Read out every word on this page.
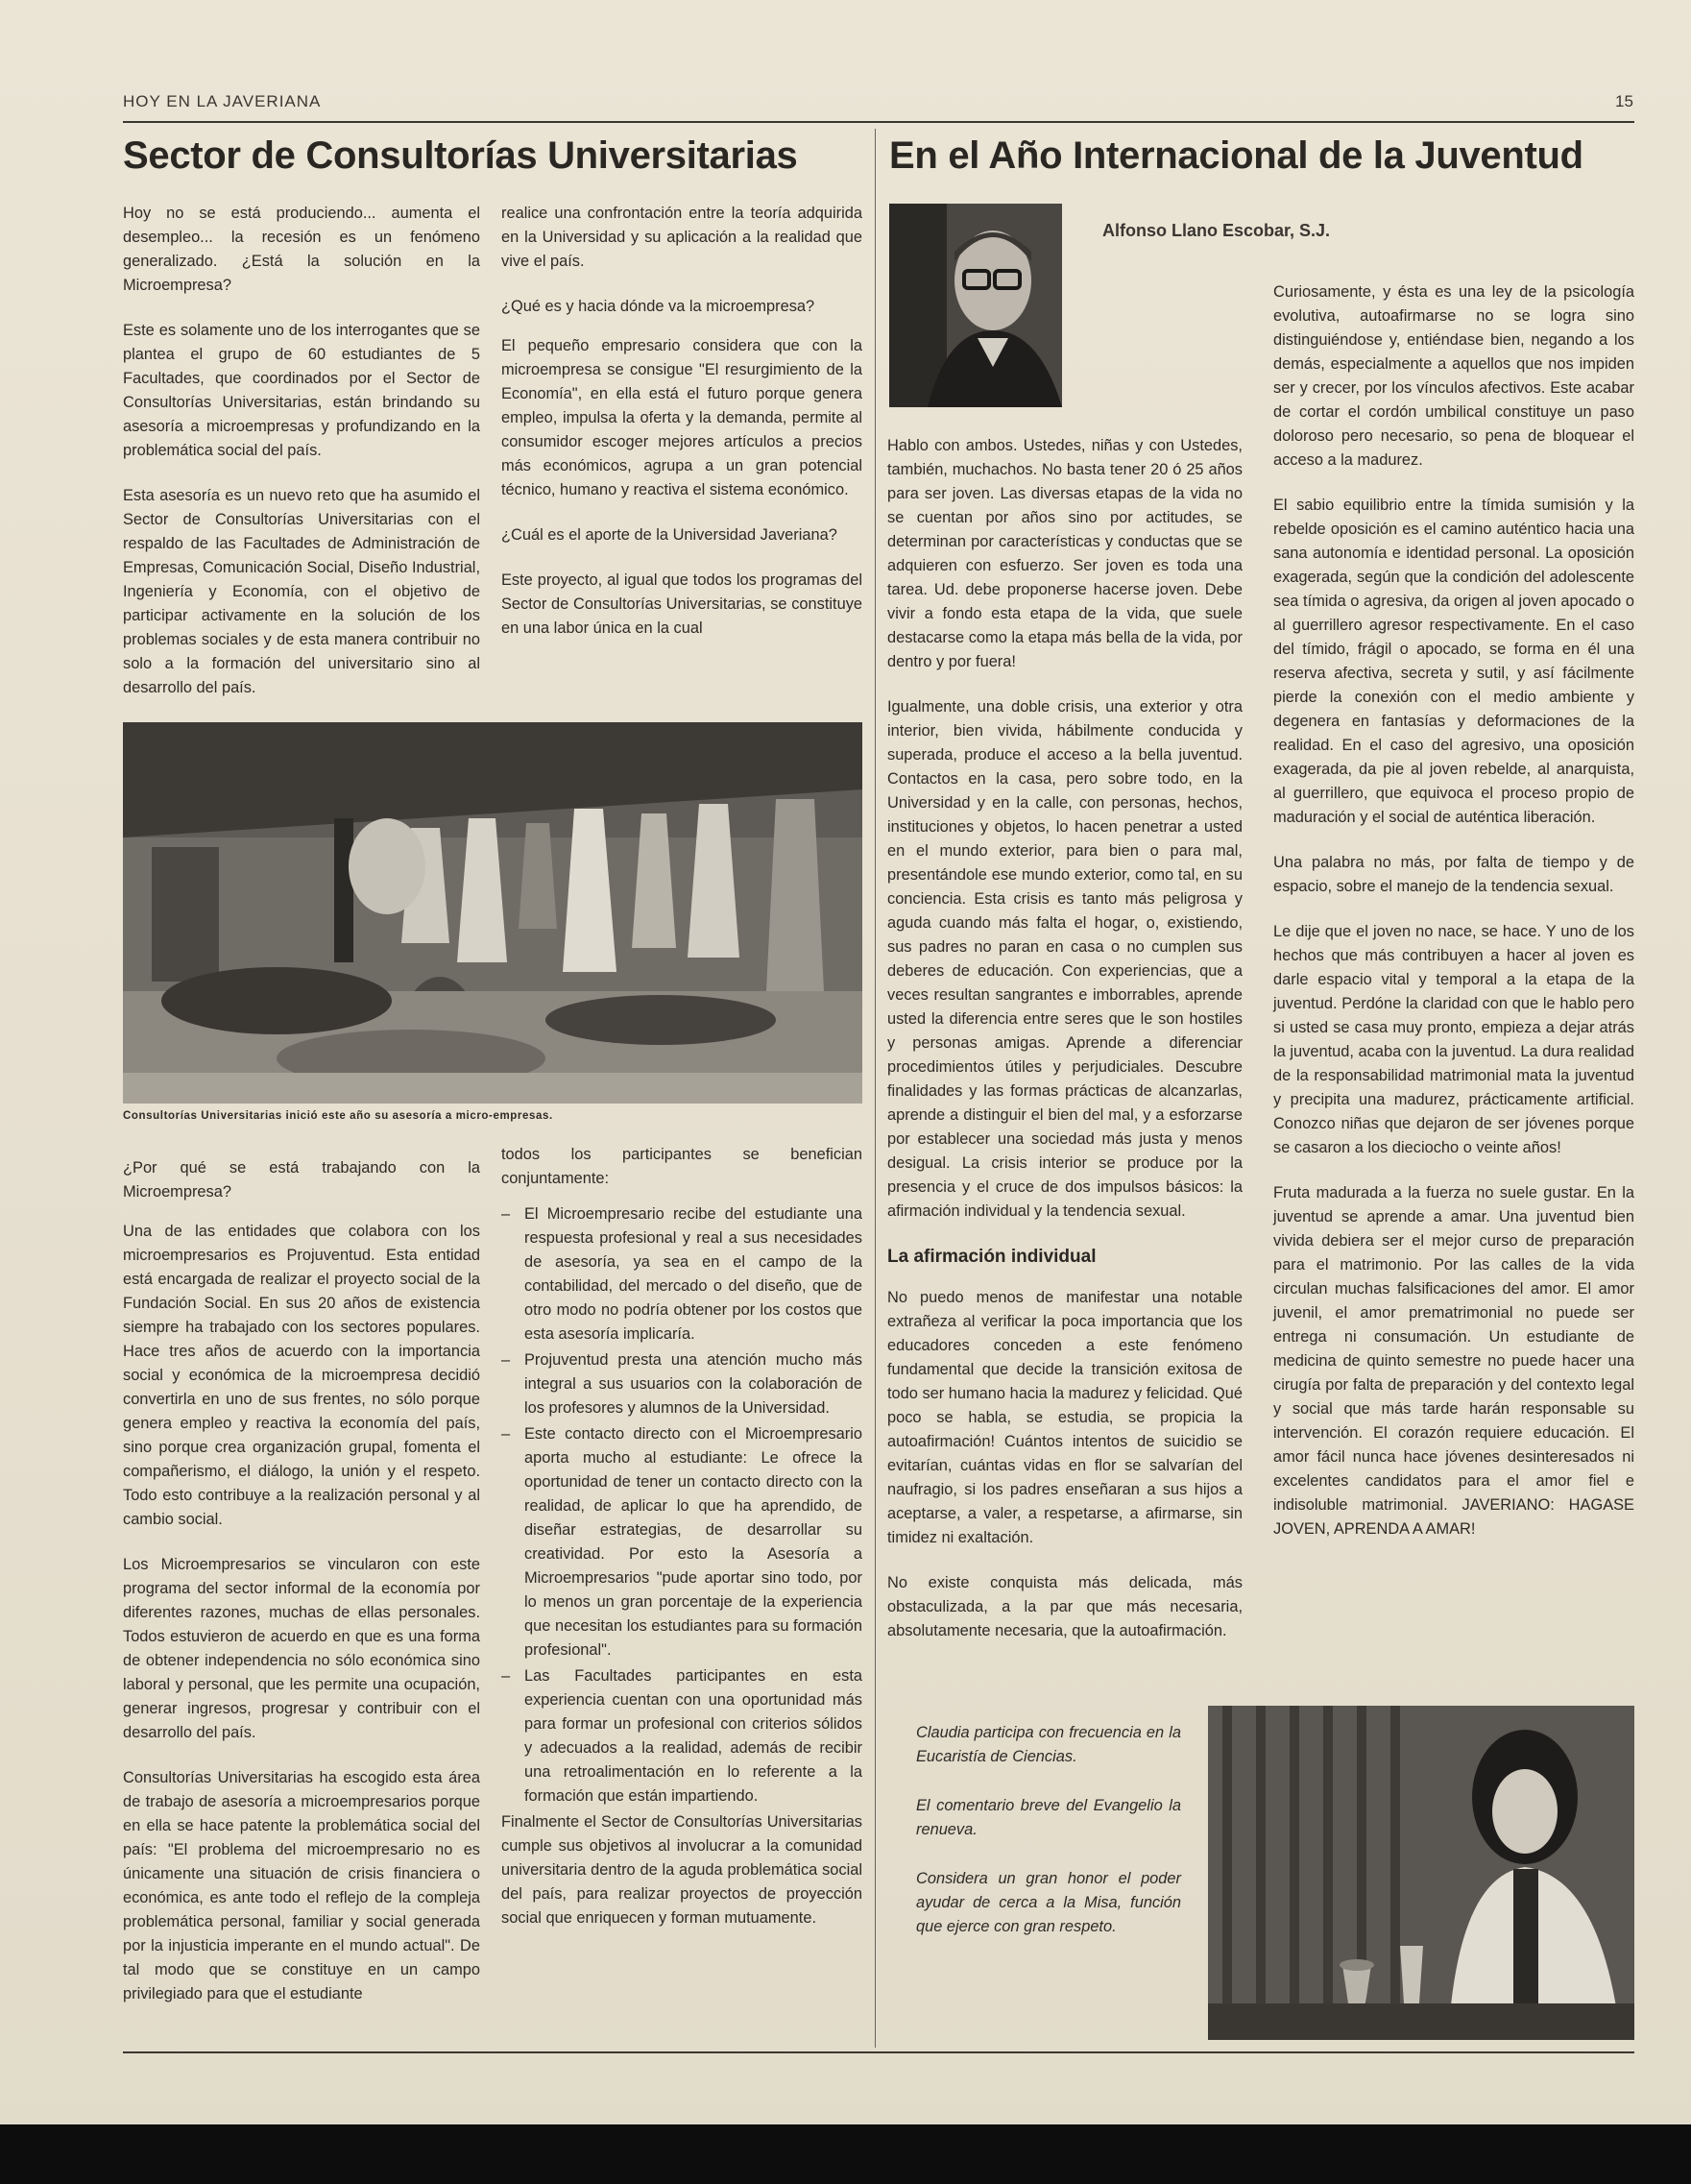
HOY EN LA JAVERIANA	15
Sector de Consultorías Universitarias

Hoy no se está produciendo... aumenta el desempleo... la recesión es un fenómeno generalizado. ¿Está la solución en la Microempresa?

Este es solamente uno de los interrogantes que se plantea el grupo de 60 estudiantes de 5 Facultades, que coordinados por el Sector de Consultorías Universitarias, están brindando su asesoría a microempresas y profundizando en la problemática social del país.

Esta asesoría es un nuevo reto que ha asumido el Sector de Consultorías Universitarias con el respaldo de las Facultades de Administración de Empresas, Comunicación Social, Diseño Industrial, Ingeniería y Economía, con el objetivo de participar activamente en la solución de los problemas sociales y de esta manera contribuir no solo a la formación del universitario sino al desarrollo del país.

realice una confrontación entre la teoría adquirida en la Universidad y su aplicación a la realidad que vive el país.

¿Qué es y hacia dónde va la microempresa?

El pequeño empresario considera que con la microempresa se consigue "El resurgimiento de la Economía", en ella está el futuro porque genera empleo, impulsa la oferta y la demanda, permite al consumidor escoger mejores artículos a precios más económicos, agrupa a un gran potencial técnico, humano y reactiva el sistema económico.

¿Cuál es el aporte de la Universidad Javeriana?

Este proyecto, al igual que todos los programas del Sector de Consultorías Universitarias, se constituye en una labor única en la cual

Consultorías Universitarias inició este año su asesoría a micro-empresas.

¿Por qué se está trabajando con la Microempresa?

Una de las entidades que colabora con los microempresarios es Projuventud. Esta entidad está encargada de realizar el proyecto social de la Fundación Social. En sus 20 años de existencia siempre ha trabajado con los sectores populares. Hace tres años de acuerdo con la importancia social y económica de la microempresa decidió convertirla en uno de sus frentes, no sólo porque genera empleo y reactiva la economía del país, sino porque crea organización grupal, fomenta el compañerismo, el diálogo, la unión y el respeto. Todo esto contribuye a la realización personal y al cambio social.

Los Microempresarios se vincularon con este programa del sector informal de la economía por diferentes razones, muchas de ellas personales. Todos estuvieron de acuerdo en que es una forma de obtener independencia no sólo económica sino laboral y personal, que les permite una ocupación, generar ingresos, progresar y contribuir con el desarrollo del país.

Consultorías Universitarias ha escogido esta área de trabajo de asesoría a microempresarios porque en ella se hace patente la problemática social del país: "El problema del microempresario no es únicamente una situación de crisis financiera o económica, es ante todo el reflejo de la compleja problemática personal, familiar y social generada por la injusticia imperante en el mundo actual". De tal modo que se constituye en un campo privilegiado para que el estudiante

todos los participantes se benefician conjuntamente:

– El Microempresario recibe del estudiante una respuesta profesional y real a sus necesidades de asesoría, ya sea en el campo de la contabilidad, del mercado o del diseño, que de otro modo no podría obtener por los costos que esta asesoría implicaría.
– Projuventud presta una atención mucho más integral a sus usuarios con la colaboración de los profesores y alumnos de la Universidad.
– Este contacto directo con el Microempresario aporta mucho al estudiante: Le ofrece la oportunidad de tener un contacto directo con la realidad, de aplicar lo que ha aprendido, de diseñar estrategias, de desarrollar su creatividad. Por esto la Asesoría a Microempresarios "pude aportar sino todo, por lo menos un gran porcentaje de la experiencia que necesitan los estudiantes para su formación profesional".
– Las Facultades participantes en esta experiencia cuentan con una oportunidad más para formar un profesional con criterios sólidos y adecuados a la realidad, además de recibir una retroalimentación en lo referente a la formación que están impartiendo.

Finalmente el Sector de Consultorías Universitarias cumple sus objetivos al involucrar a la comunidad universitaria dentro de la aguda problemática social del país, para realizar proyectos de proyección social que enriquecen y forman mutuamente.

En el Año Internacional de la Juventud
Alfonso Llano Escobar, S.J.

Hablo con ambos. Ustedes, niñas y con Ustedes, también, muchachos. No basta tener 20 ó 25 años para ser joven. Las diversas etapas de la vida no se cuentan por años sino por actitudes, se determinan por características y conductas que se adquieren con esfuerzo. Ser joven es toda una tarea. Ud. debe proponerse hacerse joven. Debe vivir a fondo esta etapa de la vida, que suele destacarse como la etapa más bella de la vida, por dentro y por fuera!

Igualmente, una doble crisis, una exterior y otra interior, bien vivida, hábilmente conducida y superada, produce el acceso a la bella juventud. Contactos en la casa, pero sobre todo, en la Universidad y en la calle, con personas, hechos, instituciones y objetos, lo hacen penetrar a usted en el mundo exterior, para bien o para mal, presentándole ese mundo exterior, como tal, en su conciencia. Esta crisis es tanto más peligrosa y aguda cuando más falta el hogar, o, existiendo, sus padres no paran en casa o no cumplen sus deberes de educación. Con experiencias, que a veces resultan sangrantes e imborrables, aprende usted la diferencia entre seres que le son hostiles y personas amigas. Aprende a diferenciar procedimientos útiles y perjudiciales. Descubre finalidades y las formas prácticas de alcanzarlas, aprende a distinguir el bien del mal, y a esforzarse por establecer una sociedad más justa y menos desigual. La crisis interior se produce por la presencia y el cruce de dos impulsos básicos: la afirmación individual y la tendencia sexual.

La afirmación individual

No puedo menos de manifestar una notable extrañeza al verificar la poca importancia que los educadores conceden a este fenómeno fundamental que decide la transición exitosa de todo ser humano hacia la madurez y felicidad. Qué poco se habla, se estudia, se propicia la autoafirmación! Cuántos intentos de suicidio se evitarían, cuántas vidas en flor se salvarían del naufragio, si los padres enseñaran a sus hijos a aceptarse, a valer, a respetarse, a afirmarse, sin timidez ni exaltación.

No existe conquista más delicada, más obstaculizada, a la par que más necesaria, absolutamente necesaria, que la autoafirmación.

Curiosamente, y ésta es una ley de la psicología evolutiva, autoafirmarse no se logra sino distinguiéndose y, entiéndase bien, negando a los demás, especialmente a aquellos que nos impiden ser y crecer, por los vínculos afectivos. Este acabar de cortar el cordón umbilical constituye un paso doloroso pero necesario, so pena de bloquear el acceso a la madurez.

El sabio equilibrio entre la tímida sumisión y la rebelde oposición es el camino auténtico hacia una sana autonomía e identidad personal. La oposición exagerada, según que la condición del adolescente sea tímida o agresiva, da origen al joven apocado o al guerrillero agresor respectivamente. En el caso del tímido, frágil o apocado, se forma en él una reserva afectiva, secreta y sutil, y así fácilmente pierde la conexión con el medio ambiente y degenera en fantasías y deformaciones de la realidad. En el caso del agresivo, una oposición exagerada, da pie al joven rebelde, al anarquista, al guerrillero, que equivoca el proceso propio de maduración y el social de auténtica liberación.

Una palabra no más, por falta de tiempo y de espacio, sobre el manejo de la tendencia sexual.

Le dije que el joven no nace, se hace. Y uno de los hechos que más contribuyen a hacer al joven es darle espacio vital y temporal a la etapa de la juventud. Perdóne la claridad con que le hablo pero si usted se casa muy pronto, empieza a dejar atrás la juventud, acaba con la juventud. La dura realidad de la responsabilidad matrimonial mata la juventud y precipita una madurez, prácticamente artificial. Conozco niñas que dejaron de ser jóvenes porque se casaron a los dieciocho o veinte años!

Fruta madurada a la fuerza no suele gustar. En la juventud se aprende a amar. Una juventud bien vivida debiera ser el mejor curso de preparación para el matrimonio. Por las calles de la vida circulan muchas falsificaciones del amor. El amor juvenil, el amor prematrimonial no puede ser entrega ni consumación. Un estudiante de medicina de quinto semestre no puede hacer una cirugía por falta de preparación y del contexto legal y social que más tarde harán responsable su intervención. El corazón requiere educación. El amor fácil nunca hace jóvenes desinteresados ni excelentes candidatos para el amor fiel e indisoluble matrimonial. JAVERIANO: HAGASE JOVEN, APRENDA A AMAR!

Claudia participa con frecuencia en la Eucaristía de Ciencias.

El comentario breve del Evangelio la renueva.

Considera un gran honor el poder ayudar de cerca a la Misa, función que ejerce con gran respeto.
